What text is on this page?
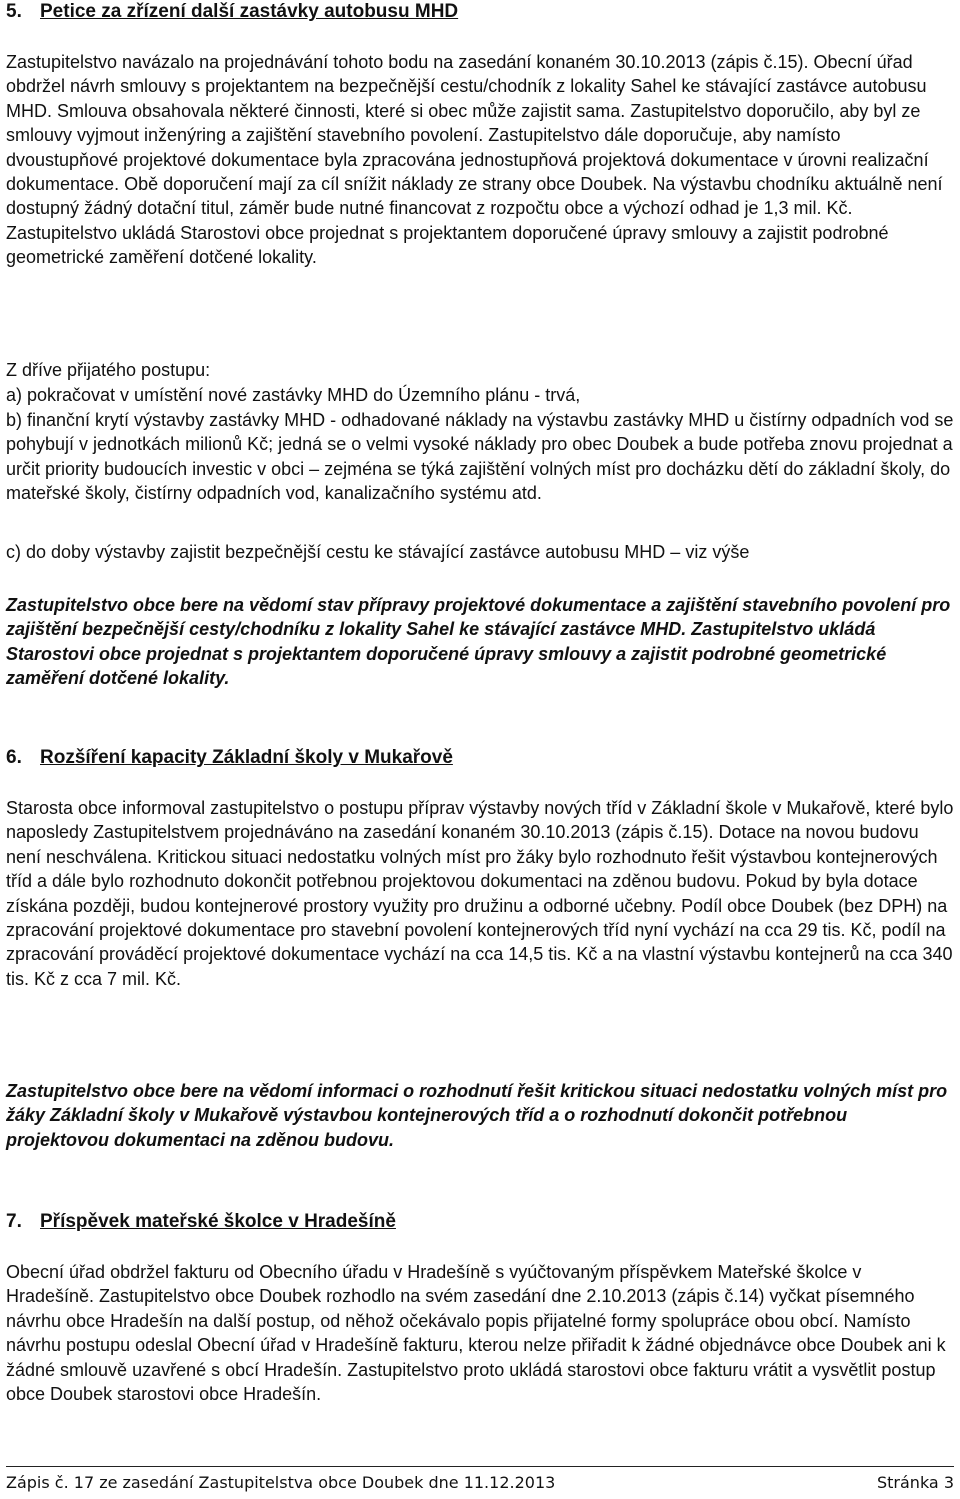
5. Petice za zřízení další zastávky autobusu MHD

Zastupitelstvo navázalo na projednávání tohoto bodu na zasedání konaném 30.10.2013 (zápis č.15). Obecní úřad obdržel návrh smlouvy s projektantem na bezpečnější cestu/chodník z lokality Sahel ke stávající zastávce autobusu MHD. Smlouva obsahovala některé činnosti, které si obec může zajistit sama. Zastupitelstvo doporučilo, aby byl ze smlouvy vyjmout inženýring a zajištění stavebního povolení. Zastupitelstvo dále doporučuje, aby namísto dvoustupňové projektové dokumentace byla zpracována jednostupňová projektová dokumentace v úrovni realizační dokumentace. Obě doporučení mají za cíl snížit náklady ze strany obce Doubek. Na výstavbu chodníku aktuálně není dostupný žádný dotační titul, záměr bude nutné financovat z rozpočtu obce a výchozí odhad je 1,3 mil. Kč. Zastupitelstvo ukládá Starostovi obce projednat s projektantem doporučené úpravy smlouvy a zajistit podrobné geometrické zaměření dotčené lokality.

Z dříve přijatého postupu:

a) pokračovat v umístění nové zastávky MHD do Územního plánu - trvá,

b) finanční krytí výstavby zastávky MHD - odhadované náklady na výstavbu zastávky MHD u čistírny odpadních vod se pohybují v jednotkách milionů Kč; jedná se o velmi vysoké náklady pro obec Doubek a bude potřeba znovu projednat a určit priority budoucích investic v obci – zejména se týká zajištění volných míst pro docházku dětí do základní školy, do mateřské školy, čistírny odpadních vod, kanalizačního systému atd.

c) do doby výstavby zajistit bezpečnější cestu ke stávající zastávce autobusu MHD – viz výše

Zastupitelstvo obce bere na vědomí stav přípravy projektové dokumentace a zajištění stavebního povolení pro zajištění bezpečnější cesty/chodníku z lokality Sahel ke stávající zastávce MHD. Zastupitelstvo ukládá Starostovi obce projednat s projektantem doporučené úpravy smlouvy a zajistit podrobné geometrické zaměření dotčené lokality.

6. Rozšíření kapacity Základní školy v Mukařově

Starosta obce informoval zastupitelstvo o postupu příprav výstavby nových tříd v Základní škole v Mukařově, které bylo naposledy Zastupitelstvem projednáváno na zasedání konaném 30.10.2013 (zápis č.15). Dotace na novou budovu není neschválena. Kritickou situaci nedostatku volných míst pro žáky bylo rozhodnuto řešit výstavbou kontejnerových tříd a dále bylo rozhodnuto dokončit potřebnou projektovou dokumentaci na zděnou budovu. Pokud by byla dotace získána později, budou kontejnerové prostory využity pro družinu a odborné učebny. Podíl obce Doubek (bez DPH) na zpracování projektové dokumentace pro stavební povolení kontejnerových tříd nyní vychází na cca 29 tis. Kč, podíl na zpracování prováděcí projektové dokumentace vychází na cca 14,5 tis. Kč a na vlastní výstavbu kontejnerů na cca 340 tis. Kč z cca 7 mil. Kč.

Zastupitelstvo obce bere na vědomí informaci o rozhodnutí řešit kritickou situaci nedostatku volných míst pro žáky Základní školy v Mukařově výstavbou kontejnerových tříd a o rozhodnutí dokončit potřebnou projektovou dokumentaci na zděnou budovu.

7. Příspěvek mateřské školce v Hradešíně

Obecní úřad obdržel fakturu od Obecního úřadu v Hradešíně s vyúčtovaným příspěvkem Mateřské školce v Hradešíně. Zastupitelstvo obce Doubek rozhodlo na svém zasedání dne 2.10.2013 (zápis č.14) vyčkat písemného návrhu obce Hradešín na další postup, od něhož očekávalo popis přijatelné formy spolupráce obou obcí. Namísto návrhu postupu odeslal Obecní úřad v Hradešíně fakturu, kterou nelze přiřadit k žádné objednávce obce Doubek ani k žádné smlouvě uzavřené s obcí Hradešín. Zastupitelstvo proto ukládá starostovi obce fakturu vrátit a vysvětlit postup obce Doubek starostovi obce Hradešín.

Zápis č. 17 ze zasedání Zastupitelstva obce Doubek dne 11.12.2013	Stránka 3
